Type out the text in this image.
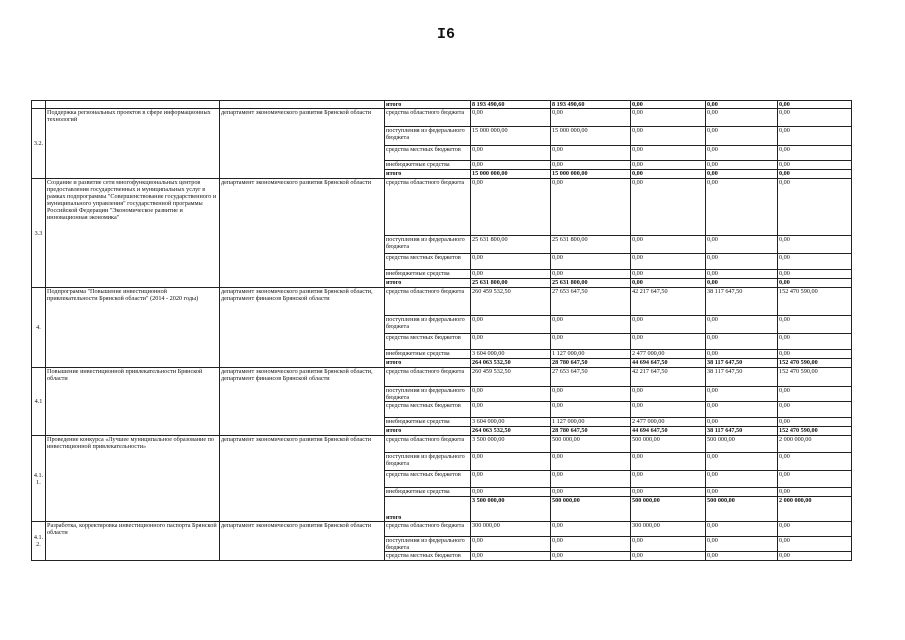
I6
			итого	8 193 490,60	8 193 490,60	0,00	0,00	0,00
3.2.	Поддержка региональных проектов в сфере информационных технологий	департамент экономического развития Брянской области	средства областного бюджета	0,00	0,00	0,00	0,00	0,00
			поступления из федерального бюджета	15 000 000,00	15 000 000,00	0,00	0,00	0,00
			средства местных бюджетов	0,00	0,00	0,00	0,00	0,00
			внебюджетные средства	0,00	0,00	0,00	0,00	0,00
			итого	15 000 000,00	15 000 000,00	0,00	0,00	0,00
3.3	Создание и развитие сети многофункциональных центров предоставления государственных и муниципальных услуг в рамках подпрограммы "Совершенствование государственного и муниципального управления" государственной программы Российской Федерации "Экономическое развитие и инновационная экономика"	департамент экономического развития Брянской области	средства областного бюджета	0,00	0,00	0,00	0,00	0,00
			поступления из федерального бюджета	25 631 800,00	25 631 800,00	0,00	0,00	0,00
			средства местных бюджетов	0,00	0,00	0,00	0,00	0,00
			внебюджетные средства	0,00	0,00	0,00	0,00	0,00
			итого	25 631 800,00	25 631 800,00	0,00	0,00	0,00
4.	Подпрограмма "Повышение инвестиционной привлекательности Брянской области" (2014 - 2020 годы)	департамент экономического развития Брянской области, департамент финансов Брянской области	средства областного бюджета	260 459 532,50	27 653 647,50	42 217 647,50	38 117 647,50	152 470 590,00
			поступления из федерального бюджета	0,00	0,00	0,00	0,00	0,00
			средства местных бюджетов	0,00	0,00	0,00	0,00	0,00
			внебюджетные средства	3 604 000,00	1 127 000,00	2 477 000,00	0,00	0,00
			итого	264 063 532,50	28 780 647,50	44 694 647,50	38 117 647,50	152 470 590,00
4.1	Повышение инвестиционной привлекательности Брянской области	департамент экономического развития Брянской области, департамент финансов Брянской области	средства областного бюджета	260 459 532,50	27 653 647,50	42 217 647,50	38 117 647,50	152 470 590,00
			поступления из федерального бюджета	0,00	0,00	0,00	0,00	0,00
			средства местных бюджетов	0,00	0,00	0,00	0,00	0,00
			внебюджетные средства	3 604 000,00	1 127 000,00	2 477 000,00	0,00	0,00
			итого	264 063 532,50	28 780 647,50	44 694 647,50	38 117 647,50	152 470 590,00
4.1.1.	Проведение конкурса «Лучшее муниципальное образование по инвестиционной привлекательности»	департамент экономического развития Брянской области	средства областного бюджета	3 500 000,00	500 000,00	500 000,00	500 000,00	2 000 000,00
			поступления из федерального бюджета	0,00	0,00	0,00	0,00	0,00
			средства местных бюджетов	0,00	0,00	0,00	0,00	0,00
			внебюджетные средства	0,00	0,00	0,00	0,00	0,00
			итого	3 500 000,00	500 000,00	500 000,00	500 000,00	2 000 000,00
4.1.2.	Разработка, корректировка инвестиционного паспорта Брянской области	департамент экономического развития Брянской области	средства областного бюджета	300 000,00	0,00	300 000,00	0,00	0,00
			поступления из федерального бюджета	0,00	0,00	0,00	0,00	0,00
			средства местных бюджетов	0,00	0,00	0,00	0,00	0,00
